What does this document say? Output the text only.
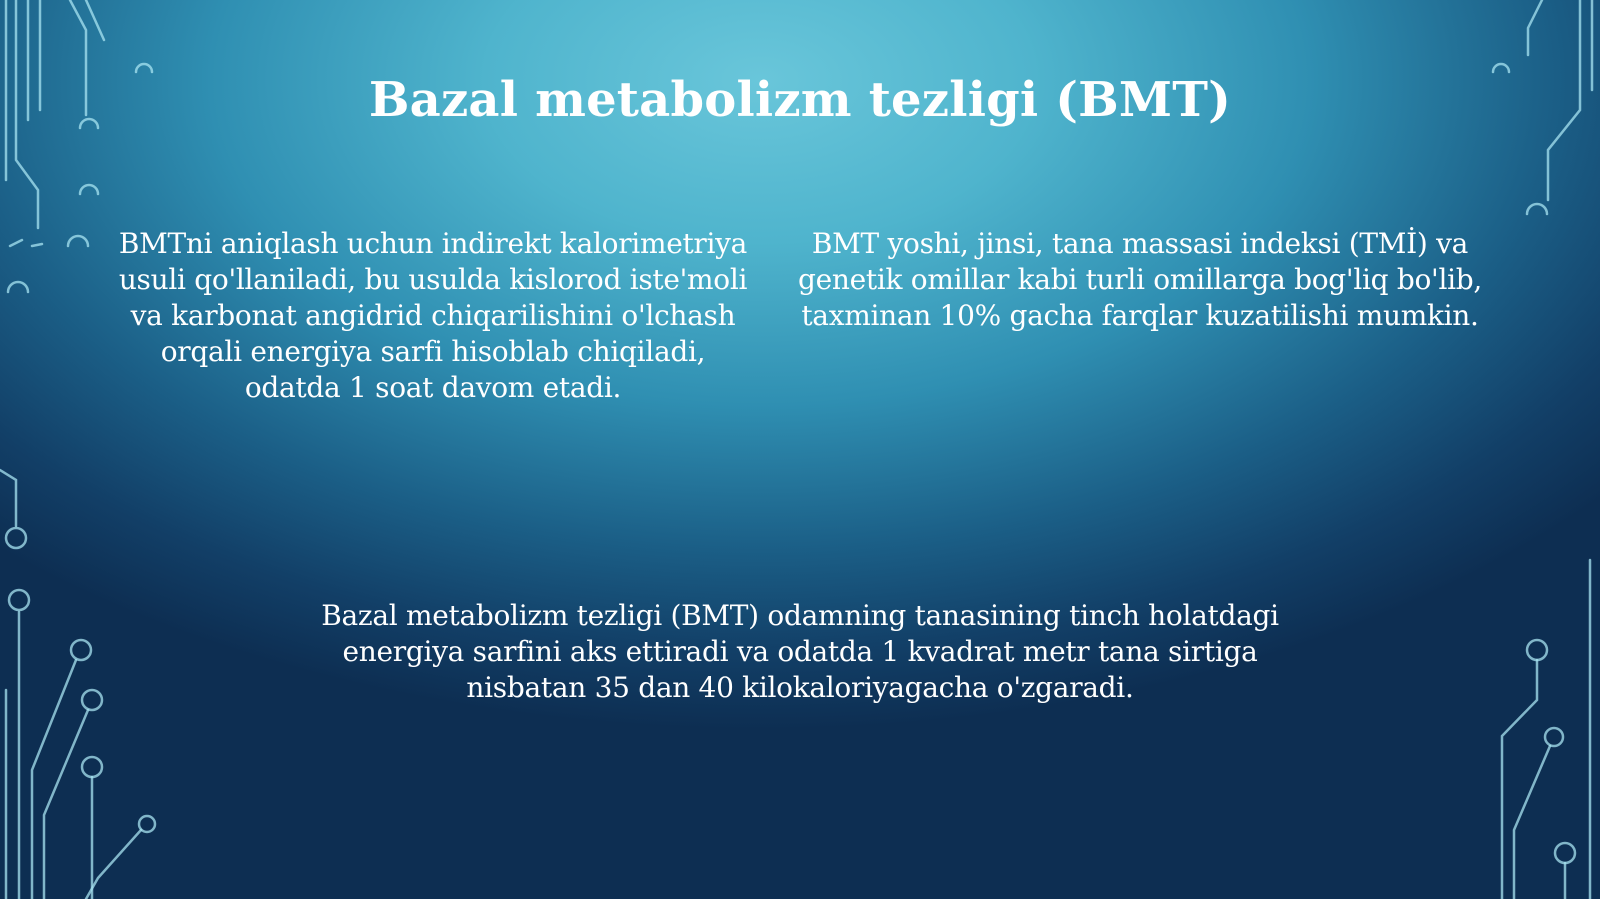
Bazal metabolizm tezligi (BMT)

BMTni aniqlash uchun indirekt kalorimetriya usuli qo'llaniladi, bu usulda kislorod iste'moli va karbonat angidrid chiqarilishini o'lchash orqali energiya sarfi hisoblab chiqiladi, odatda 1 soat davom etadi.

BMT yoshi, jinsi, tana massasi indeksi (TMİ) va genetik omillar kabi turli omillarga bog'liq bo'lib, taxminan 10% gacha farqlar kuzatilishi mumkin.

Bazal metabolizm tezligi (BMT) odamning tanasining tinch holatdagi energiya sarfini aks ettiradi va odatda 1 kvadrat metr tana sirtiga nisbatan 35 dan 40 kilokaloriyagacha o'zgaradi.
